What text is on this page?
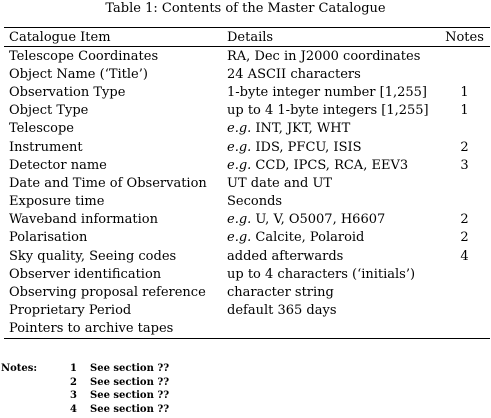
Table 1: Contents of the Master Catalogue
Catalogue Item	Details	Notes
Telescope Coordinates	RA, Dec in J2000 coordinates
Object Name (‘Title’)	24 ASCII characters
Observation Type	1-byte integer number [1,255]	1
Object Type	up to 4 1-byte integers [1,255]	1
Telescope	e.g. INT, JKT, WHT
Instrument	e.g. IDS, PFCU, ISIS	2
Detector name	e.g. CCD, IPCS, RCA, EEV3	3
Date and Time of Observation	UT date and UT
Exposure time	Seconds
Waveband information	e.g. U, V, O5007, H6607	2
Polarisation	e.g. Calcite, Polaroid	2
Sky quality, Seeing codes	added afterwards	4
Observer identification	up to 4 characters (‘initials’)
Observing proposal reference	character string
Proprietary Period	default 365 days
Pointers to archive tapes
Notes:	1	See section ??
2	See section ??
3	See section ??
4	See section ??
